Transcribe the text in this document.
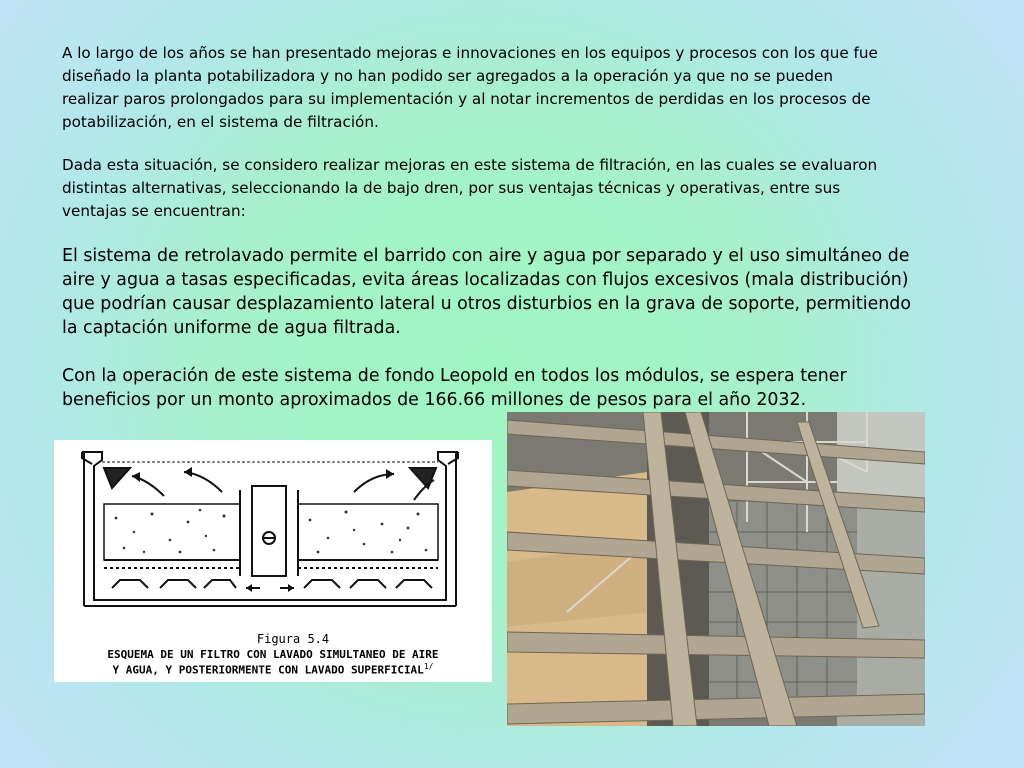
A lo largo de los años se han presentado mejoras e innovaciones en los equipos y procesos con los que fue diseñado la planta potabilizadora y no han podido ser agregados a la operación ya que no se pueden realizar paros prolongados para su implementación y al notar incrementos de perdidas en los procesos de potabilización, en el sistema de filtración.

Dada esta situación, se considero realizar mejoras en este sistema de filtración, en las cuales se evaluaron distintas alternativas, seleccionando la de bajo dren, por sus ventajas técnicas y operativas, entre sus ventajas se encuentran:

El sistema de retrolavado permite el barrido con aire y agua por separado y el uso simultáneo de aire y agua a tasas especificadas, evita áreas localizadas con flujos excesivos (mala distribución) que podrían causar desplazamiento lateral u otros disturbios en la grava de soporte, permitiendo la captación uniforme de agua filtrada.

Con la operación de este sistema de fondo Leopold en todos los módulos, se espera tener beneficios por un monto aproximados de 166.66 millones de pesos para el año 2032.

Figura 5.4

ESQUEMA DE UN FILTRO CON LAVADO SIMULTANEO DE AIRE

Y AGUA, Y POSTERIORMENTE CON LAVADO $SUPERFICIAL^{1/}$
